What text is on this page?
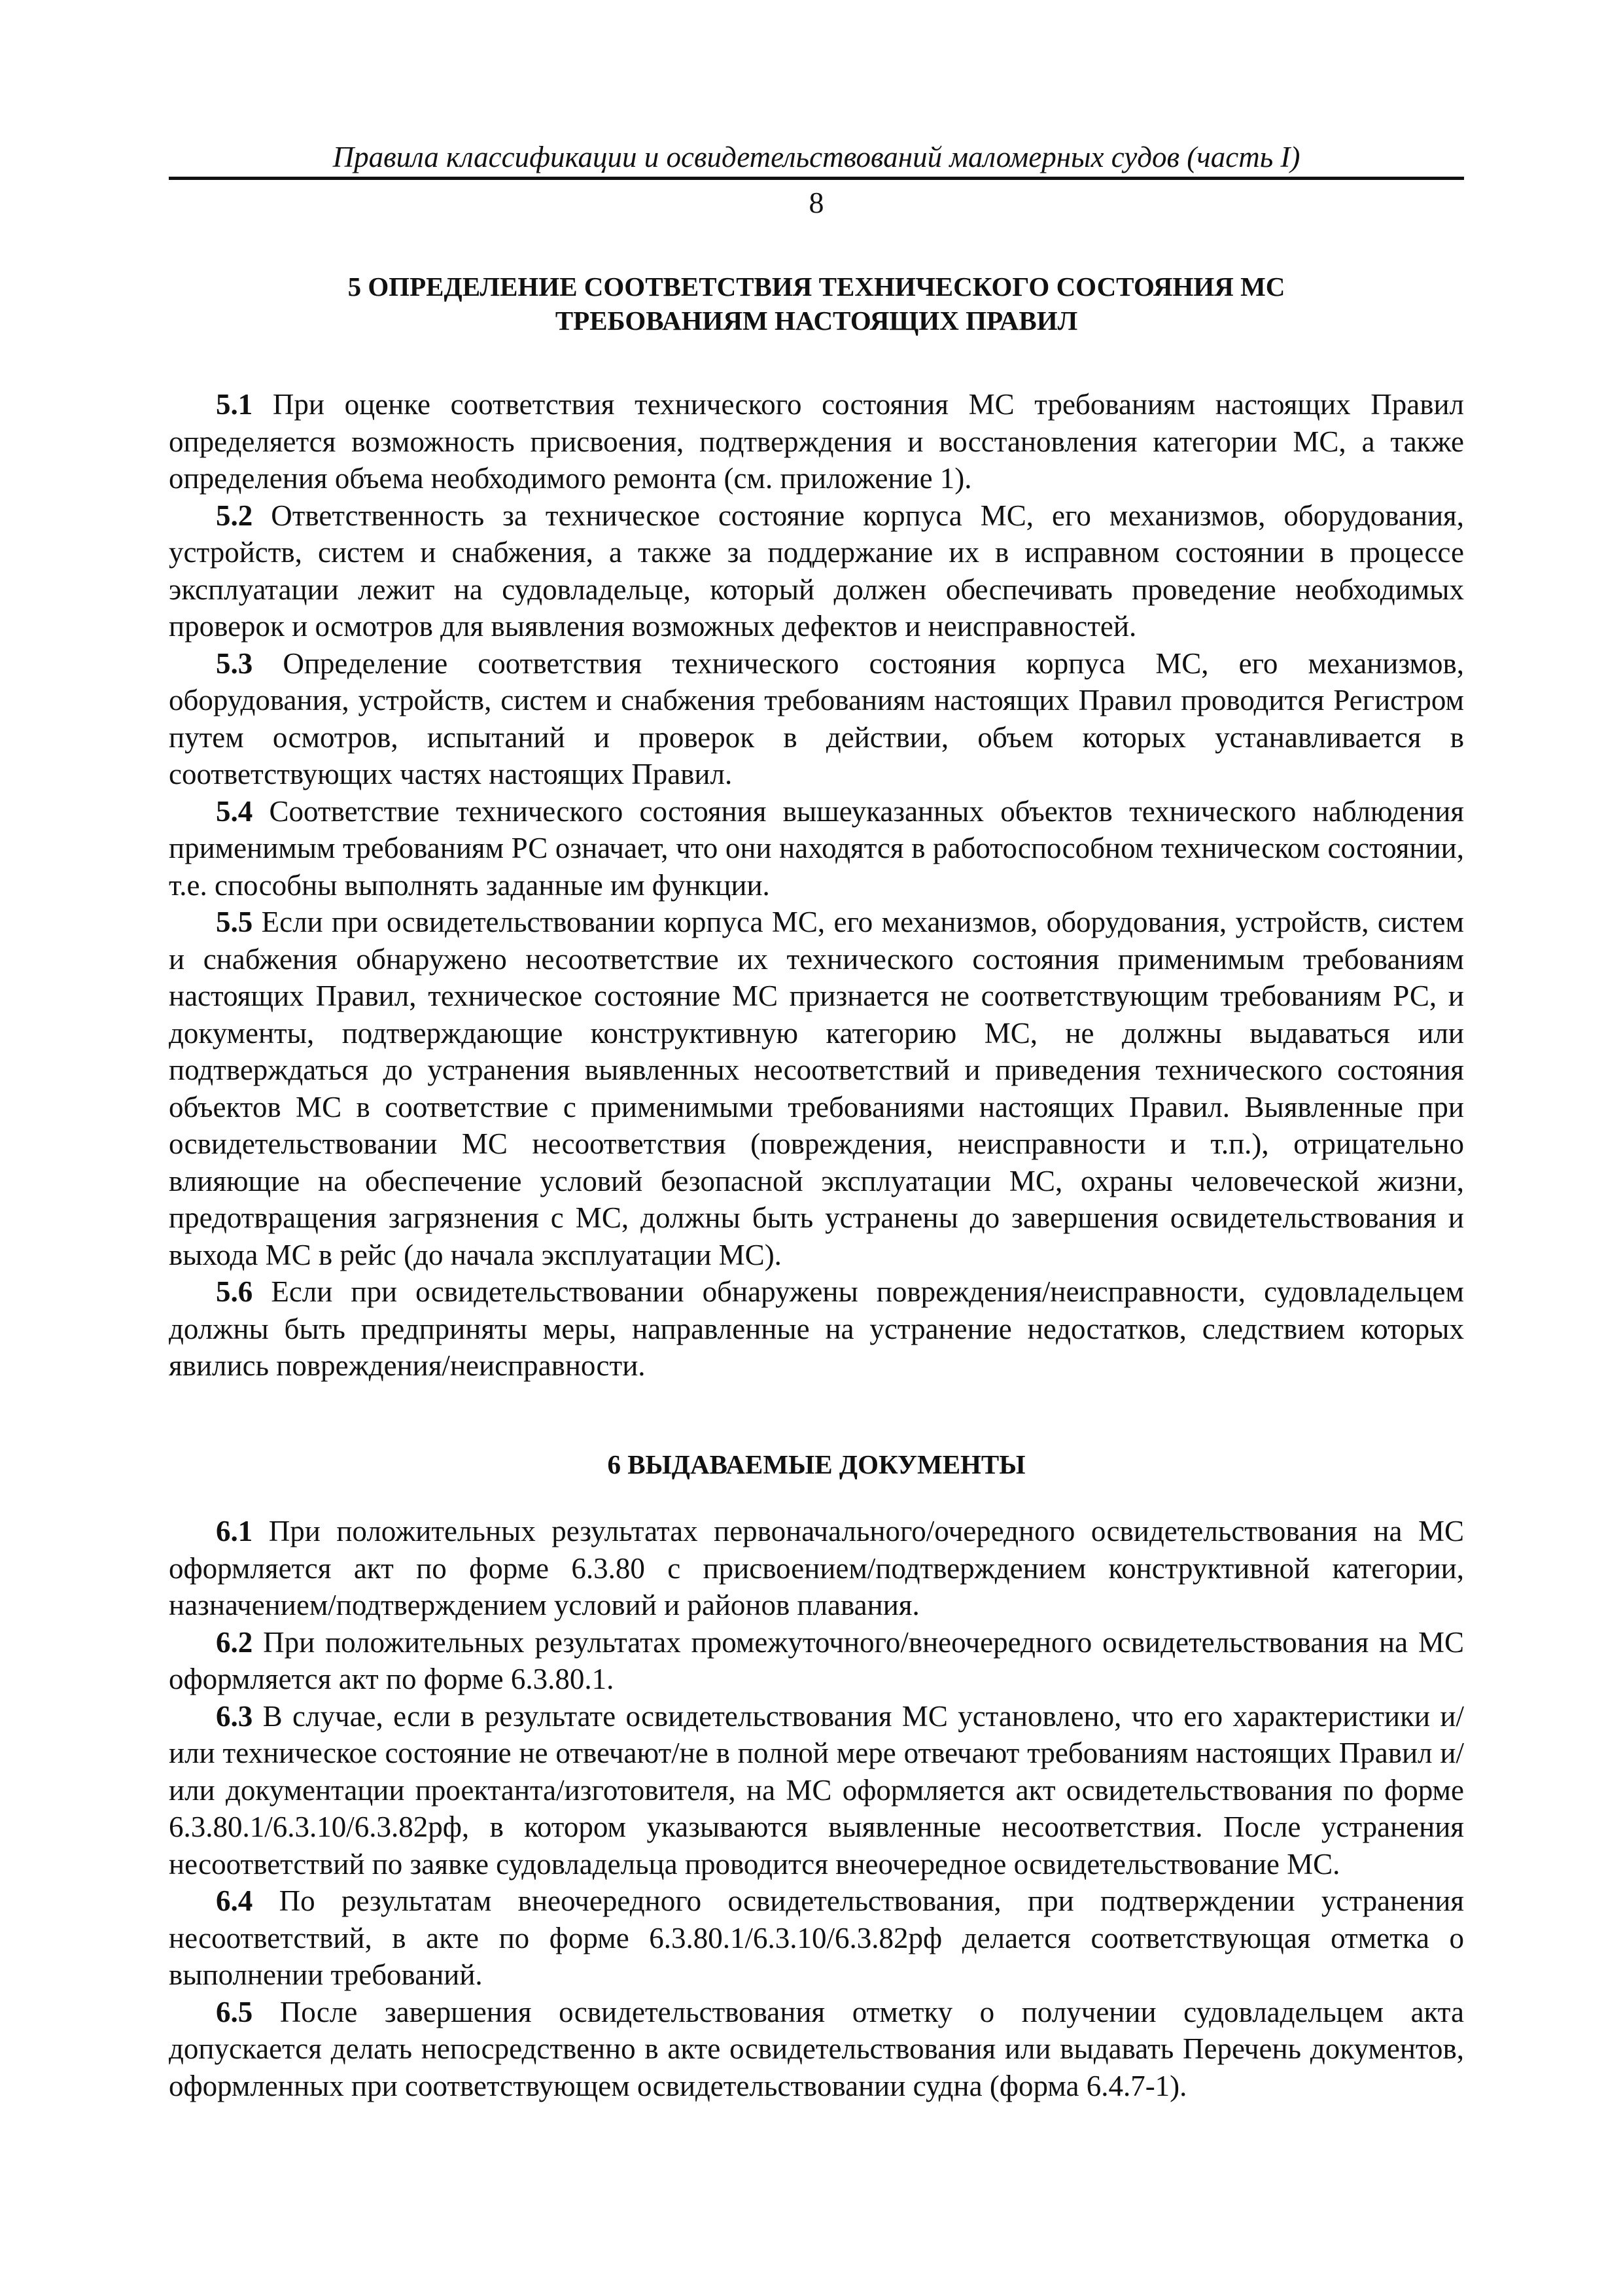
Правила классификации и освидетельствований маломерных судов (часть I)
8
5 ОПРЕДЕЛЕНИЕ СООТВЕТСТВИЯ ТЕХНИЧЕСКОГО СОСТОЯНИЯ МС
ТРЕБОВАНИЯМ НАСТОЯЩИХ ПРАВИЛ

5.1 При оценке соответствия технического состояния МС требованиям настоящих Правил определяется возможность присвоения, подтверждения и восстановления категории МС, а также определения объема необходимого ремонта (см. приложение 1).

5.2 Ответственность за техническое состояние корпуса МС, его механизмов, оборудования, устройств, систем и снабжения, а также за поддержание их в исправном состоянии в процессе эксплуатации лежит на судовладельце, который должен обеспечивать проведение необходимых проверок и осмотров для выявления возможных дефектов и неисправностей.

5.3 Определение соответствия технического состояния корпуса МС, его механизмов, оборудования, устройств, систем и снабжения требованиям настоящих Правил проводится Регистром путем осмотров, испытаний и проверок в действии, объем которых устанавливается в соответствующих частях настоящих Правил.

5.4 Соответствие технического состояния вышеуказанных объектов технического наблюдения применимым требованиям РС означает, что они находятся в работоспособном техническом состоянии, т.е. способны выполнять заданные им функции.

5.5 Если при освидетельствовании корпуса МС, его механизмов, оборудования, устройств, систем и снабжения обнаружено несоответствие их технического состояния применимым требованиям настоящих Правил, техническое состояние МС признается не соответствующим требованиям РС, и документы, подтверждающие конструктивную категорию МС, не должны выдаваться или подтверждаться до устранения выявленных несоответствий и приведения технического состояния объектов МС в соответствие с применимыми требованиями настоящих Правил. Выявленные при освидетельствовании МС несоответствия (повреждения, неисправности и т.п.), отрицательно влияющие на обеспечение условий безопасной эксплуатации МС, охраны человеческой жизни, предотвращения загрязнения с МС, должны быть устранены до завершения освидетельствования и выхода МС в рейс (до начала эксплуатации МС).

5.6 Если при освидетельствовании обнаружены повреждения/неисправности, судовладельцем должны быть предприняты меры, направленные на устранение недостатков, следствием которых явились повреждения/неисправности.

6 ВЫДАВАЕМЫЕ ДОКУМЕНТЫ

6.1 При положительных результатах первоначального/очередного освидетельствования на МС оформляется акт по форме 6.3.80 с присвоением/подтверждением конструктивной категории, назначением/подтверждением условий и районов плавания.

6.2 При положительных результатах промежуточного/внеочередного освидетельствования на МС оформляется акт по форме 6.3.80.1.

6.3 В случае, если в результате освидетельствования МС установлено, что его характеристики и/или техническое состояние не отвечают/не в полной мере отвечают требованиям настоящих Правил и/или документации проектанта/изготовителя, на МС оформляется акт освидетельствования по форме 6.3.80.1/6.3.10/6.3.82рф, в котором указываются выявленные несоответствия. После устранения несоответствий по заявке судовладельца проводится внеочередное освидетельствование МС.

6.4 По результатам внеочередного освидетельствования, при подтверждении устранения несоответствий, в акте по форме 6.3.80.1/6.3.10/6.3.82рф делается соответствующая отметка о выполнении требований.

6.5 После завершения освидетельствования отметку о получении судовладельцем акта допускается делать непосредственно в акте освидетельствования или выдавать Перечень документов, оформленных при соответствующем освидетельствовании судна (форма 6.4.7-1).
